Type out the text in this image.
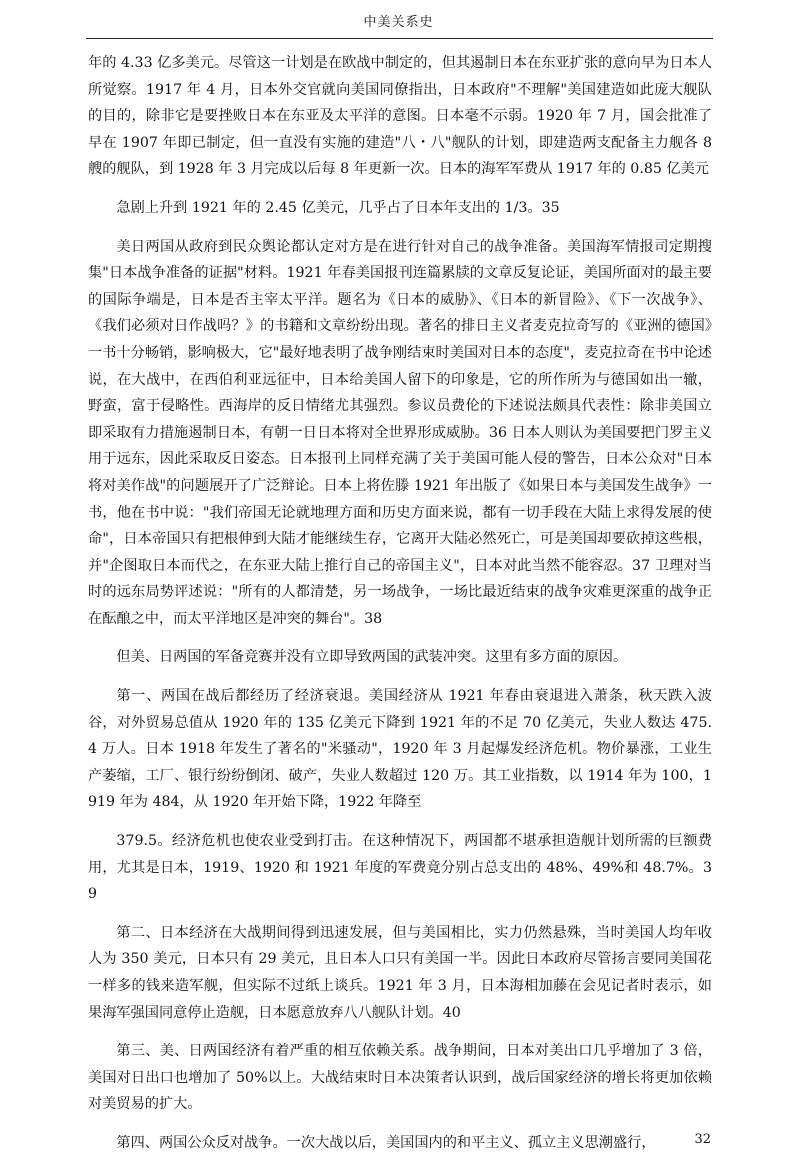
中美关系史

年的 4.33 亿多美元。尽管这一计划是在欧战中制定的，但其遏制日本在东亚扩张的意向早为日本人所觉察。1917 年 4 月，日本外交官就向美国同僚指出，日本政府"不理解"美国建造如此庞大舰队的目的，除非它是要挫败日本在东亚及太平洋的意图。日本毫不示弱。1920 年 7 月，国会批准了早在 1907 年即已制定，但一直没有实施的建造"八・八"舰队的计划，即建造两支配备主力舰各 8 艘的舰队，到 1928 年 3 月完成以后每 8 年更新一次。日本的海军军费从 1917 年的 0.85 亿美元

急剧上升到 1921 年的 2.45 亿美元，几乎占了日本年支出的 1/3。35

美日两国从政府到民众舆论都认定对方是在进行针对自己的战争准备。美国海军情报司定期搜集"日本战争准备的证据"材料。1921 年春美国报刊连篇累牍的文章反复论证，美国所面对的最主要的国际争端是，日本是否主宰太平洋。题名为《日本的威胁》、《日本的新冒险》、《下一次战争》、《我们必须对日作战吗？》的书籍和文章纷纷出现。著名的排日主义者麦克拉奇写的《亚洲的德国》一书十分畅销，影响极大，它"最好地表明了战争刚结束时美国对日本的态度"，麦克拉奇在书中论述说，在大战中，在西伯利亚远征中，日本给美国人留下的印象是，它的所作所为与德国如出一辙，野蛮，富于侵略性。西海岸的反日情绪尤其强烈。参议员费伦的下述说法颇具代表性：除非美国立即采取有力措施遏制日本，有朝一日日本将对全世界形成威胁。36 日本人则认为美国要把门罗主义用于远东，因此采取反日姿态。日本报刊上同样充满了关于美国可能人侵的警告，日本公众对"日本将对美作战"的问题展开了广泛辩论。日本上将佐滕 1921 年出版了《如果日本与美国发生战争》一书，他在书中说："我们帝国无论就地理方面和历史方面来说，都有一切手段在大陆上求得发展的使命"，日本帝国只有把根伸到大陆才能继续生存，它离开大陆必然死亡，可是美国却要砍掉这些根，并"企图取日本而代之，在东亚大陆上推行自己的帝国主义"，日本对此当然不能容忍。37 卫理对当时的远东局势评述说："所有的人都清楚，另一场战争，一场比最近结束的战争灾难更深重的战争正在酝酿之中，而太平洋地区是冲突的舞台"。38

但美、日两国的军备竞赛并没有立即导致两国的武装冲突。这里有多方面的原因。

第一、两国在战后都经历了经济衰退。美国经济从 1921 年春由衰退进入萧条，秋天跌入波谷，对外贸易总值从 1920 年的 135 亿美元下降到 1921 年的不足 70 亿美元，失业人数达 475.4 万人。日本 1918 年发生了著名的"米骚动"，1920 年 3 月起爆发经济危机。物价暴涨，工业生产萎缩，工厂、银行纷纷倒闭、破产，失业人数超过 120 万。其工业指数，以 1914 年为 100，1919 年为 484，从 1920 年开始下降，1922 年降至

379.5。经济危机也使农业受到打击。在这种情况下，两国都不堪承担造舰计划所需的巨额费用，尤其是日本，1919、1920 和 1921 年度的军费竟分别占总支出的 48%、49%和 48.7%。39

第二、日本经济在大战期间得到迅速发展，但与美国相比，实力仍然悬殊，当时美国人均年收人为 350 美元，日本只有 29 美元，且日本人口只有美国一半。因此日本政府尽管扬言要同美国花一样多的钱来造军舰，但实际不过纸上谈兵。1921 年 3 月，日本海相加藤在会见记者时表示，如果海军强国同意停止造舰，日本愿意放弃八八舰队计划。40

第三、美、日两国经济有着严重的相互依赖关系。战争期间，日本对美出口几乎增加了 3 倍，美国对日出口也增加了 50%以上。大战结束时日本决策者认识到，战后国家经济的增长将更加依赖对美贸易的扩大。

第四、两国公众反对战争。一次大战以后，美国国内的和平主义、孤立主义思潮盛行，	32
